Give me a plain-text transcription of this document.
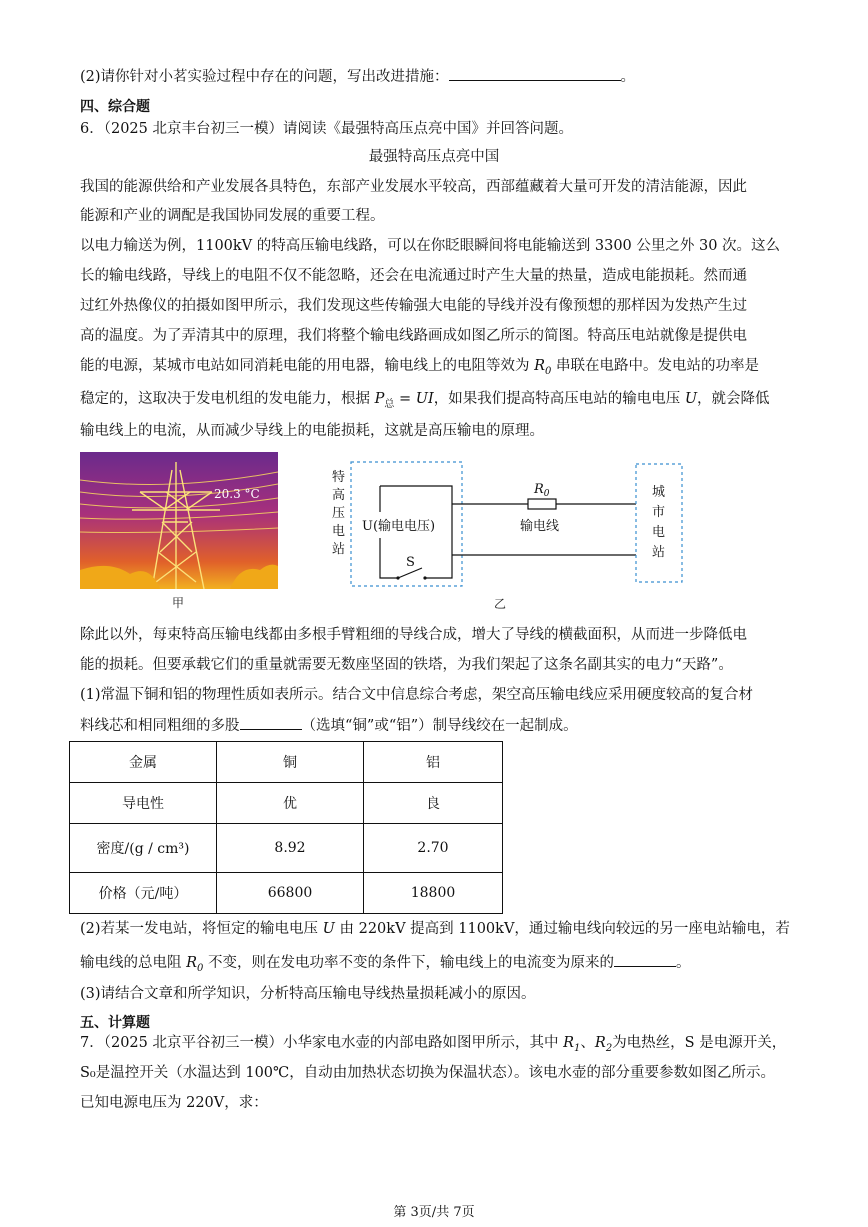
(2)请你针对小茗实验过程中存在的问题，写出改进措施：	。
四、综合题
6．（2025 北京丰台初三一模）请阅读《最强特高压点亮中国》并回答问题。
最强特高压点亮中国
我国的能源供给和产业发展各具特色，东部产业发展水平较高，西部蕴藏着大量可开发的清洁能源，因此
能源和产业的调配是我国协同发展的重要工程。
以电力输送为例，1100kV 的特高压输电线路，可以在你眨眼瞬间将电能输送到 3300 公里之外 30 次。这么
长的输电线路，导线上的电阻不仅不能忽略，还会在电流通过时产生大量的热量，造成电能损耗。然而通
过红外热像仪的拍摄如图甲所示，我们发现这些传输强大电能的导线并没有像预想的那样因为发热产生过
高的温度。为了弄清其中的原理，我们将整个输电线路画成如图乙所示的简图。特高压电站就像是提供电
能的电源，某城市电站如同消耗电能的用电器，输电线上的电阻等效为 $R_0$ 串联在电路中。发电站的功率是
稳定的，这取决于发电机组的发电能力，根据 $P_总$ = UI，如果我们提高特高压电站的输电电压 U，就会降低
输电线上的电流，从而减少导线上的电能损耗，这就是高压输电的原理。
20.3 °C
甲
特 高 压 电 站
S
U(输电电压)
$R_0$
输电线
城 市 电 站
乙
除此以外，每束特高压输电线都由多根手臂粗细的导线合成，增大了导线的横截面积，从而进一步降低电
能的损耗。但要承载它们的重量就需要无数座坚固的铁塔，为我们架起了这条名副其实的电力“天路”。
(1)常温下铜和铝的物理性质如表所示。结合文中信息综合考虑，架空高压输电线应采用硬度较高的复合材
料线芯和相同粗细的多股	（选填“铜”或“铝”）制导线绞在一起制成。
金属	铜	铝
导电性	优	良
密度/(g / cm³)	8.92	2.70
价格（元/吨）	66800	18800
(2)若某一发电站，将恒定的输电电压 U 由 220kV 提高到 1100kV，通过输电线向较远的另一座电站输电，若
输电线的总电阻 $R_0$ 不变，则在发电功率不变的条件下，输电线上的电流变为原来的	。
(3)请结合文章和所学知识，分析特高压输电导线热量损耗减小的原因。
五、计算题
7．（2025 北京平谷初三一模）小华家电水壶的内部电路如图甲所示，其中 $R_1$、$R_2$为电热丝，S 是电源开关，
S₀是温控开关（水温达到 100℃，自动由加热状态切换为保温状态）。该电水壶的部分重要参数如图乙所示。
已知电源电压为 220V，求：
第 3页/共 7页
